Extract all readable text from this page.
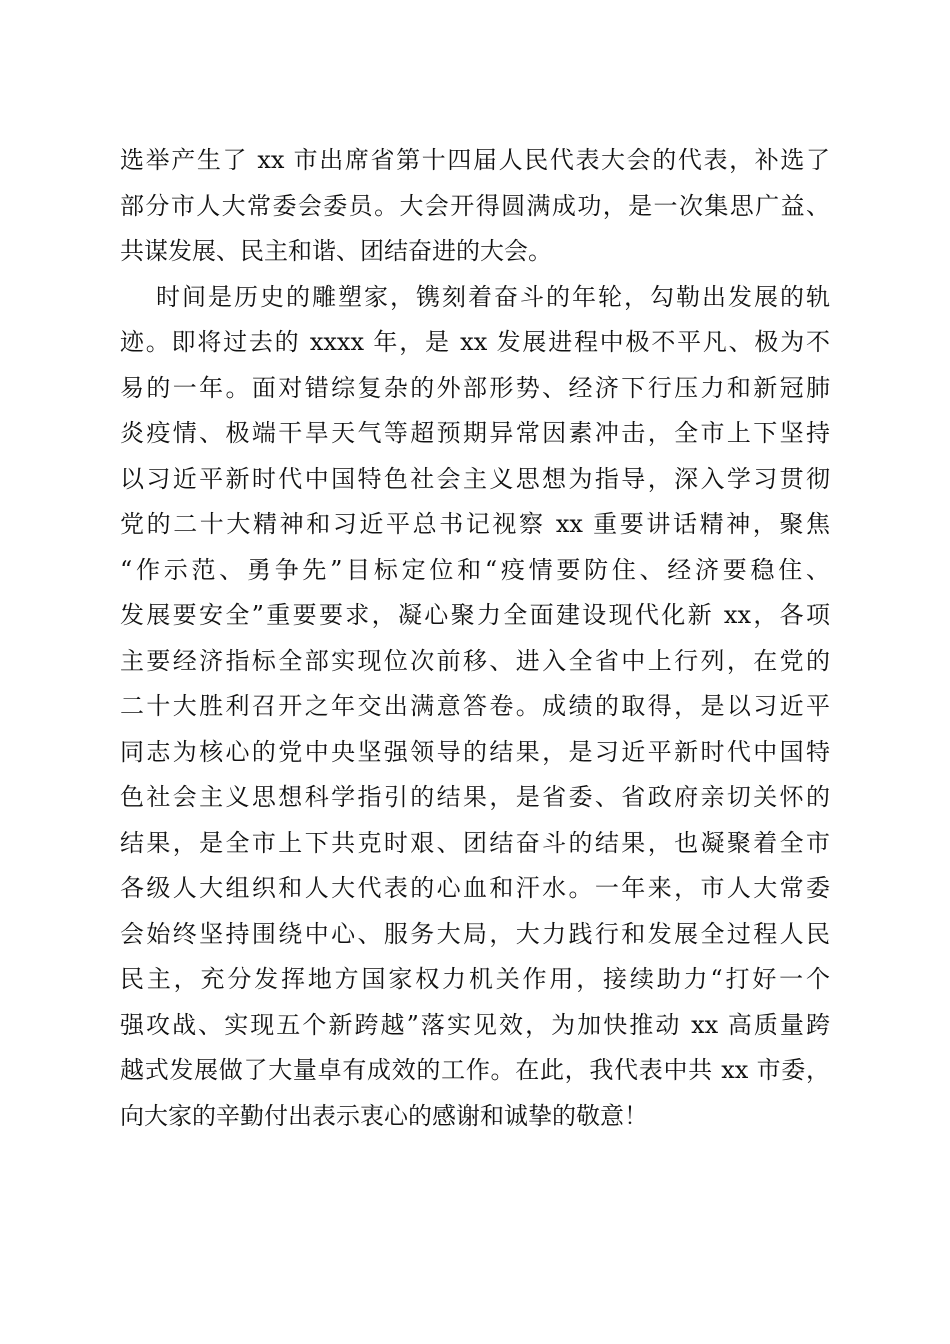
选举产生了 xx 市出席省第十四届人民代表大会的代表，补选了
部分市人大常委会委员。大会开得圆满成功，是一次集思广益、
共谋发展、民主和谐、团结奋进的大会。
时间是历史的雕塑家，镌刻着奋斗的年轮，勾勒出发展的轨
迹。即将过去的 xxxx 年，是 xx 发展进程中极不平凡、极为不
易的一年。面对错综复杂的外部形势、经济下行压力和新冠肺
炎疫情、极端干旱天气等超预期异常因素冲击，全市上下坚持
以习近平新时代中国特色社会主义思想为指导，深入学习贯彻
党的二十大精神和习近平总书记视察 xx 重要讲话精神，聚焦
“作示范、勇争先”目标定位和“疫情要防住、经济要稳住、
发展要安全”重要要求，凝心聚力全面建设现代化新 xx，各项
主要经济指标全部实现位次前移、进入全省中上行列，在党的
二十大胜利召开之年交出满意答卷。成绩的取得，是以习近平
同志为核心的党中央坚强领导的结果，是习近平新时代中国特
色社会主义思想科学指引的结果，是省委、省政府亲切关怀的
结果，是全市上下共克时艰、团结奋斗的结果，也凝聚着全市
各级人大组织和人大代表的心血和汗水。一年来，市人大常委
会始终坚持围绕中心、服务大局，大力践行和发展全过程人民
民主，充分发挥地方国家权力机关作用，接续助力“打好一个
强攻战、实现五个新跨越”落实见效，为加快推动 xx 高质量跨
越式发展做了大量卓有成效的工作。在此，我代表中共 xx 市委，
向大家的辛勤付出表示衷心的感谢和诚挚的敬意！
